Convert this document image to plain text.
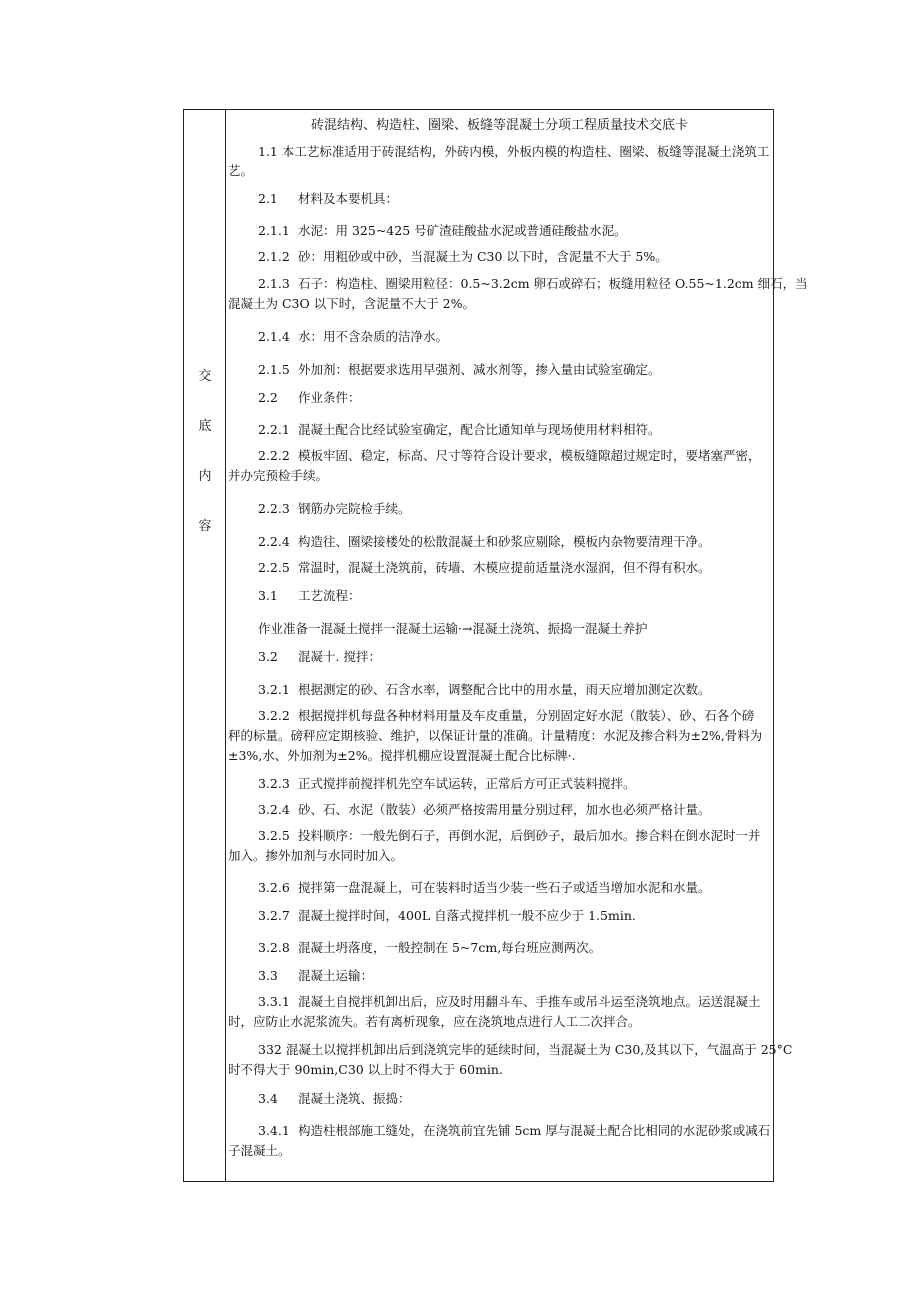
交
底
内
容
砖混结构、构造柱、圈梁、板缝等混凝土分项工程质量技术交底卡
1.1 本工艺标准适用于砖混结构，外砖内模，外板内模的构造柱、圈梁、板缝等混凝土浇筑工
艺。
2.1 材料及本要机具：
2.1.1 水泥：用 325~425 号矿渣硅酸盐水泥或普通硅酸盐水泥。
2.1.2 砂：用粗砂或中砂，当混凝土为 C30 以下时，含泥量不大于 5%。
2.1.3 石子：构造柱、圈梁用粒径：0.5~3.2cm 卵石或碎石；板缝用粒径 O.55~1.2cm 细石，当
混凝土为 C3O 以下时，含泥量不大于 2%。
2.1.4 水：用不含杂质的洁净水。
2.1.5 外加剂：根据要求选用早强剂、减水剂等，掺入量由试验室确定。
2.2 作业条件：
2.2.1 混凝土配合比经试验室确定，配合比通知单与现场使用材料相符。
2.2.2 模板牢固、稳定，标高、尺寸等符合设计要求，模板缝隙超过规定时，要堵塞严密，
并办完预检手续。
2.2.3 钢筋办完院检手续。
2.2.4 构造往、圈梁接楼处的松散混凝土和砂浆应剔除，模板内杂物要清理干净。
2.2.5 常温时，混凝土浇筑前，砖墙、木模应提前适量浇水湿润，但不得有积水。
3.1 工艺流程：
作业准备一混凝土搅拌一混凝土运输·→混凝土浇筑、振捣一混凝土养护
3.2 混凝十. 搅拌：
3.2.1 根据测定的砂、石含水率，调整配合比中的用水量，雨天应增加测定次数。
3.2.2 根据搅拌机每盘各种材料用量及车皮重量，分别固定好水泥（散装）、砂、石各个磅
秤的标量。磅秤应定期核验、维护，以保证计量的准确。计量精度：水泥及掺合料为±2%,骨料为
±3%,水、外加剂为±2%。搅拌机棚应设置混凝土配合比标牌·.
3.2.3 正式搅拌前搅拌机先空车试运转，正常后方可正式装料搅拌。
3.2.4 砂、石、水泥（散装）必须严格按需用量分别过秤，加水也必须严格计量。
3.2.5 投料顺序：一般先倒石子，再倒水泥，后倒砂子，最后加水。掺合料在倒水泥时一并
加入。掺外加剂与水同时加入。
3.2.6 搅拌第一盘混凝上，可在装料时适当少装一些石子或适当增加水泥和水量。
3.2.7 混凝土搅拌时间，400L 自落式搅拌机一般不应少于 1.5min.
3.2.8 混凝土坍落度，一般控制在 5~7cm,每台班应测两次。
3.3 混凝土运输：
3.3.1 混凝土自搅拌机卸出后，应及时用翻斗车、手推车或吊斗运至浇筑地点。运送混凝土
时，应防止水泥浆流失。若有离析现象，应在浇筑地点进行人工二次拌合。
332 混凝土以搅拌机卸出后到浇筑完毕的延续时间，当混凝土为 C30,及其以下，气温高于 25°C
时不得大于 90min,C30 以上时不得大于 60min.
3.4 混凝土浇筑、振捣：
3.4.1 构造柱根部施工缝处，在浇筑前宜先铺 5cm 厚与混凝土配合比相同的水泥砂浆或减石
子混凝土。
